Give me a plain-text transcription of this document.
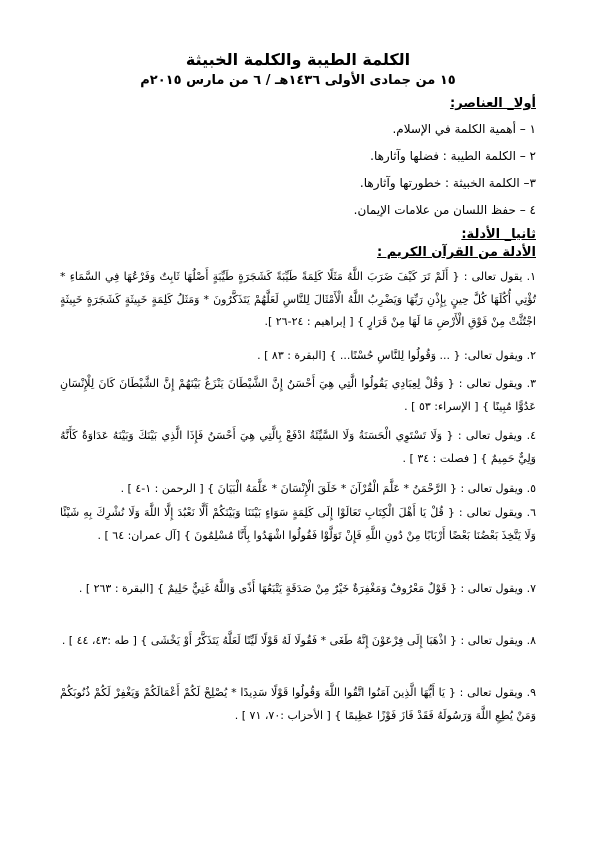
الكلمة الطيبة والكلمة الخبيثة
١٥ من جمادى الأولى ١٤٣٦هـ / ٦ من مارس ٢٠١٥م
أولا_ العناصر:
١ – أهمية الكلمة في الإسلام.
٢ – الكلمة الطيبة : فضلها وآثارها.
٣– الكلمة الخبيثة : خطورتها وآثارها.
٤ – حفظ اللسان من علامات الإيمان.
ثانيا_ الأدلة:
الأدلة من القرآن الكريم :
١. يقول تعالى : { أَلَمْ تَرَ كَيْفَ ضَرَبَ اللَّهُ مَثَلًا كَلِمَةً طَيِّبَةً كَشَجَرَةٍ طَيِّبَةٍ أَصْلُهَا ثَابِتٌ وَفَرْعُهَا فِي السَّمَاءِ * تُؤْتِي أُكُلَهَا كُلَّ حِينٍ بِإِذْنِ رَبِّهَا وَيَضْرِبُ اللَّهُ الْأَمْثَالَ لِلنَّاسِ لَعَلَّهُمْ يَتَذَكَّرُونَ * وَمَثَلُ كَلِمَةٍ خَبِيثَةٍ كَشَجَرَةٍ خَبِيثَةٍ اجْتُثَّتْ مِنْ فَوْقِ الْأَرْضِ مَا لَهَا مِنْ قَرَارٍ } [ إبراهيم : ٢٤-٢٦ ].
٢. ويقول تعالى: { ... وَقُولُوا لِلنَّاسِ حُسْنًا... } [البقرة : ٨٣ ] .
٣. ويقول تعالى : { وَقُلْ لِعِبَادِي يَقُولُوا الَّتِي هِيَ أَحْسَنُ إِنَّ الشَّيْطَانَ يَنْزَغُ بَيْنَهُمْ إِنَّ الشَّيْطَانَ كَانَ لِلْإِنْسَانِ عَدُوًّا مُبِينًا } [ الإسراء: ٥٣ ] .
٤. ويقول تعالى : { وَلَا تَسْتَوِي الْحَسَنَةُ وَلَا السَّيِّئَةُ ادْفَعْ بِالَّتِي هِيَ أَحْسَنُ فَإِذَا الَّذِي بَيْنَكَ وَبَيْنَهُ عَدَاوَةٌ كَأَنَّهُ وَلِيٌّ حَمِيمٌ } [ فصلت : ٣٤ ] .
٥. ويقول تعالى : { الرَّحْمَنُ * عَلَّمَ الْقُرْآنَ * خَلَقَ الْإِنْسَانَ * عَلَّمَهُ الْبَيَانَ } [ الرحمن : ١-٤ ] .
٦. ويقول تعالى : { قُلْ يَا أَهْلَ الْكِتَابِ تَعَالَوْا إِلَى كَلِمَةٍ سَوَاءٍ بَيْنَنَا وَبَيْنَكُمْ أَلَّا نَعْبُدَ إِلَّا اللَّهَ وَلَا نُشْرِكَ بِهِ شَيْئًا وَلَا يَتَّخِذَ بَعْضُنَا بَعْضًا أَرْبَابًا مِنْ دُونِ اللَّهِ فَإِنْ تَوَلَّوْا فَقُولُوا اشْهَدُوا بِأَنَّا مُسْلِمُونَ } [آل عمران: ٦٤ ] .
٧. ويقول تعالى : { قَوْلٌ مَعْرُوفٌ وَمَغْفِرَةٌ خَيْرٌ مِنْ صَدَقَةٍ يَتْبَعُهَا أَذًى وَاللَّهُ غَنِيٌّ حَلِيمٌ } [البقرة : ٢٦٣ ] .
٨. ويقول تعالى : { اذْهَبَا إِلَى فِرْعَوْنَ إِنَّهُ طَغَى * فَقُولَا لَهُ قَوْلًا لَيِّنًا لَعَلَّهُ يَتَذَكَّرُ أَوْ يَخْشَى } [ طه :٤٣، ٤٤ ] .
٩. ويقول تعالى : { يَا أَيُّهَا الَّذِينَ آمَنُوا اتَّقُوا اللَّهَ وَقُولُوا قَوْلًا سَدِيدًا * يُصْلِحْ لَكُمْ أَعْمَالَكُمْ وَيَغْفِرْ لَكُمْ ذُنُوبَكُمْ وَمَنْ يُطِعِ اللَّهَ وَرَسُولَهُ فَقَدْ فَازَ فَوْزًا عَظِيمًا } [ الأحزاب :٧٠، ٧١ ] .
